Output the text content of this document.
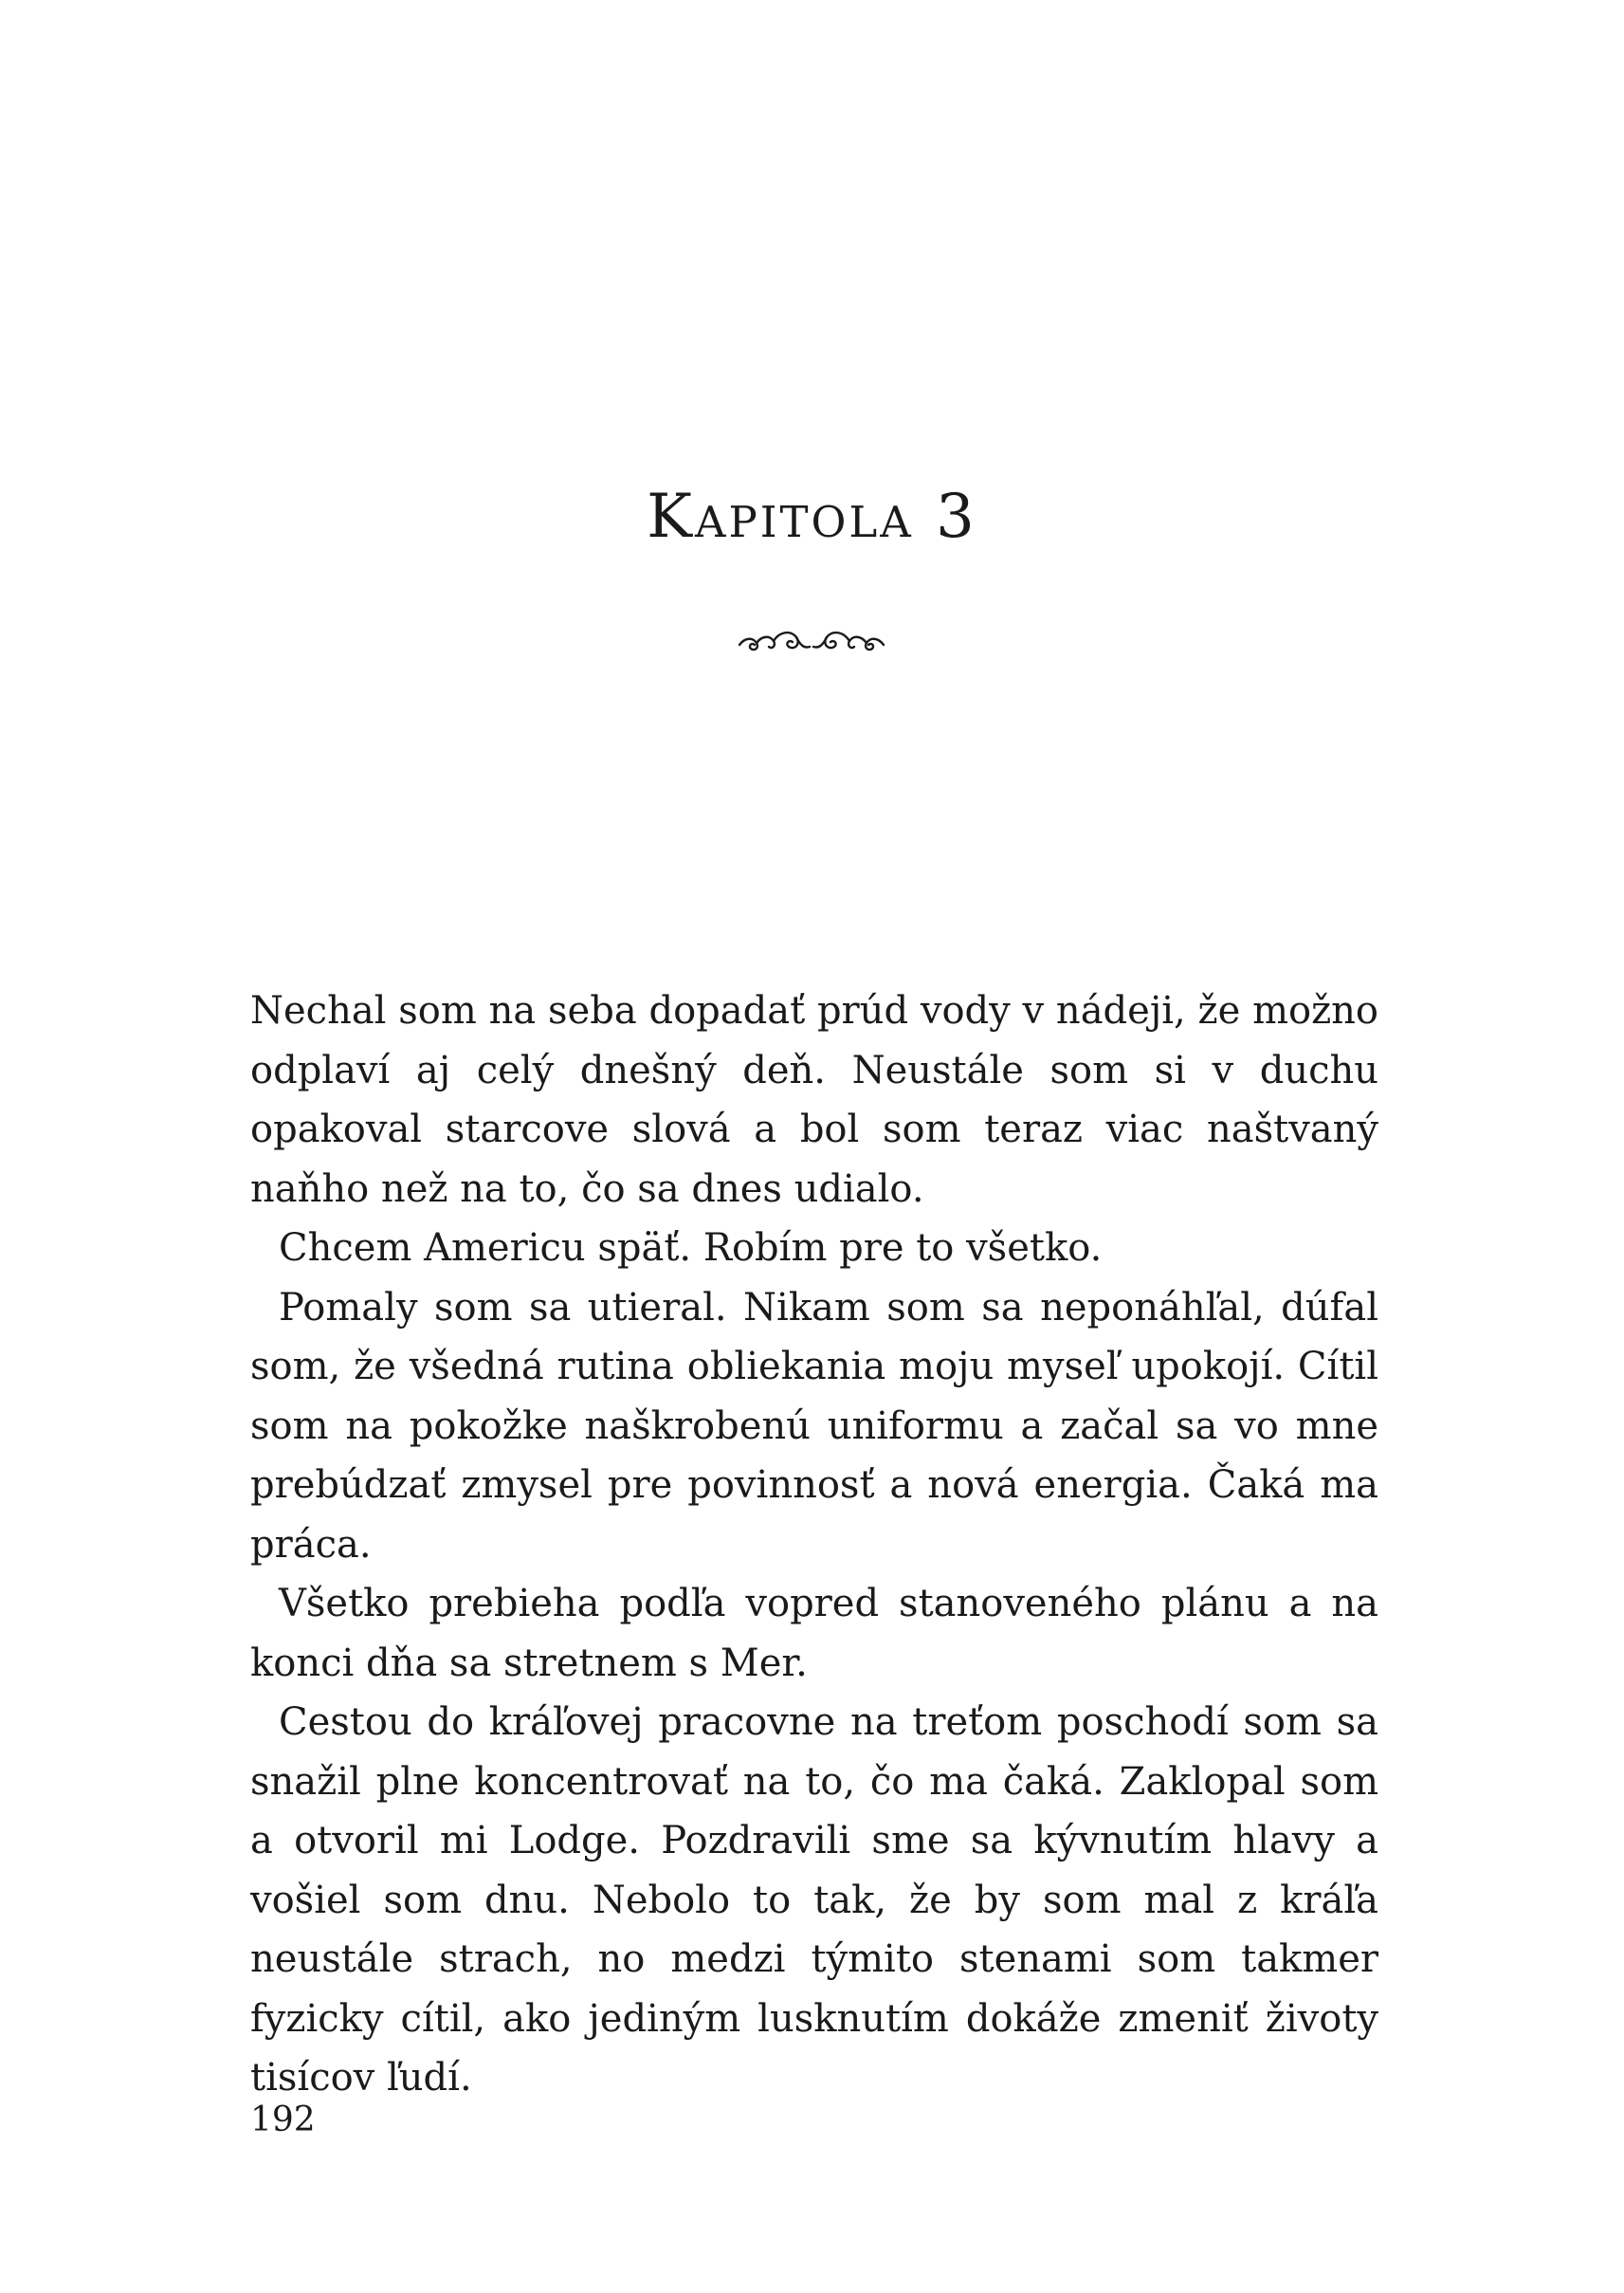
Kapitola 3

Nechal som na seba dopadať prúd vody v nádeji, že možno odplaví aj celý dnešný deň. Neustále som si v duchu opakoval starcove slová a bol som teraz viac naštvaný naňho než na to, čo sa dnes udialo.

Chcem Americu späť. Robím pre to všetko.

Pomaly som sa utieral. Nikam som sa neponáhľal, dúfal som, že všedná rutina obliekania moju myseľ upokojí. Cítil som na pokožke naškrobenú uniformu a začal sa vo mne prebúdzať zmysel pre povinnosť a nová energia. Čaká ma práca.

Všetko prebieha podľa vopred stanoveného plánu a na konci dňa sa stretnem s Mer.

Cestou do kráľovej pracovne na treťom poschodí som sa snažil plne koncentrovať na to, čo ma čaká. Zaklopal som a otvoril mi Lodge. Pozdravili sme sa kývnutím hlavy a vošiel som dnu. Nebolo to tak, že by som mal z kráľa neustále strach, no medzi týmito stenami som takmer fyzicky cítil, ako jediným lusknutím dokáže zmeniť životy tisícov ľudí.

192
